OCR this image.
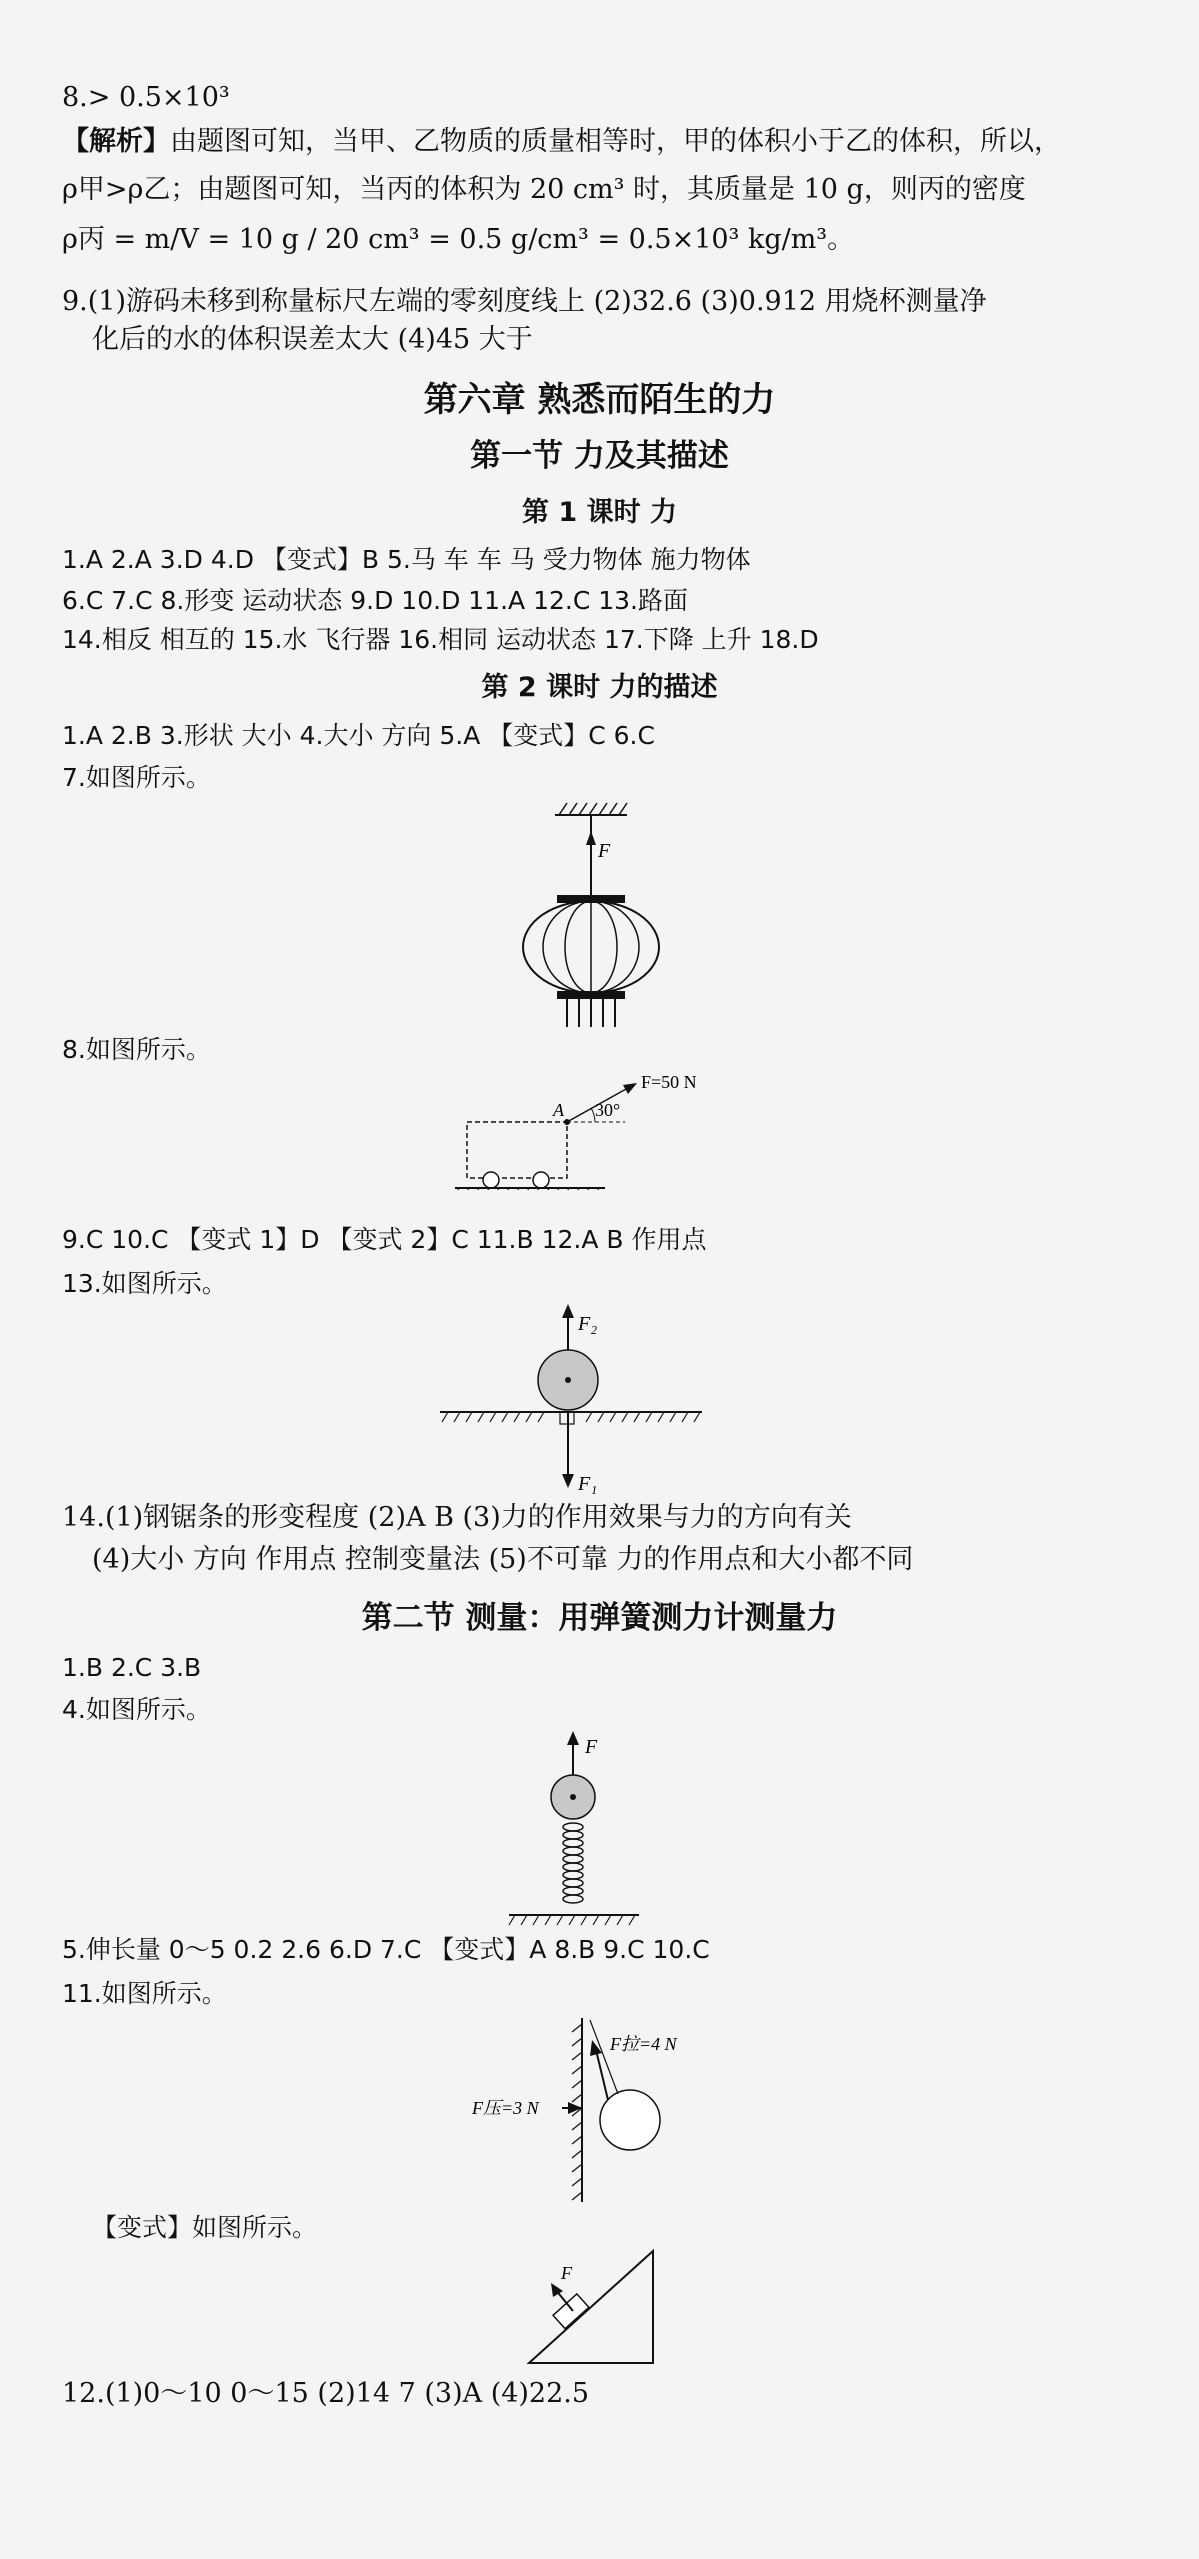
8.> 0.5×10³
【解析】由题图可知，当甲、乙物质的质量相等时，甲的体积小于乙的体积，所以，
ρ甲>ρ乙；由题图可知，当丙的体积为 20 cm³ 时，其质量是 10 g，则丙的密度
ρ丙 = m/V = 10 g / 20 cm³ = 0.5 g/cm³ = 0.5×10³ kg/m³。
9.(1)游码未移到称量标尺左端的零刻度线上 (2)32.6 (3)0.912 用烧杯测量净
化后的水的体积误差太大 (4)45 大于
第六章 熟悉而陌生的力
第一节 力及其描述
第 1 课时 力
1.A 2.A 3.D 4.D 【变式】B 5.马 车 车 马 受力物体 施力物体
6.C 7.C 8.形变 运动状态 9.D 10.D 11.A 12.C 13.路面
14.相反 相互的 15.水 飞行器 16.相同 运动状态 17.下降 上升 18.D
第 2 课时 力的描述
1.A 2.B 3.形状 大小 4.大小 方向 5.A 【变式】C 6.C
7.如图所示。
F
8.如图所示。
A 30°
F=50 N
9.C 10.C 【变式 1】D 【变式 2】C 11.B 12.A B 作用点
13.如图所示。
F₂
F₁
14.(1)钢锯条的形变程度 (2)A B (3)力的作用效果与力的方向有关
(4)大小 方向 作用点 控制变量法 (5)不可靠 力的作用点和大小都不同
第二节 测量：用弹簧测力计测量力
1.B 2.C 3.B
4.如图所示。
F
5.伸长量 0～5 0.2 2.6 6.D 7.C 【变式】A 8.B 9.C 10.C
11.如图所示。
F拉=4 N
F压=3 N
【变式】如图所示。
F
12.(1)0～10 0～15 (2)14 7 (3)A (4)22.5
